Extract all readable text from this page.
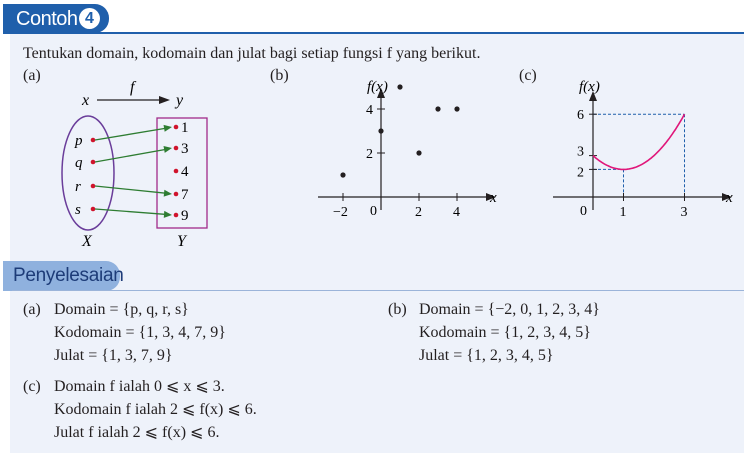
Contoh 4
Tentukan domain, kodomain dan julat bagi setiap fungsi f yang berikut.
(a)	(b)	(c)
f
x	y
p
q
r
s
1
3
4
7
9
X	Y
f(x)
x
0
−2	2 4
2
4
f(x)
x
0 1	3
2
3
6
Penyelesaian
(a) Domain = {p, q, r, s}
Kodomain = {1, 3, 4, 7, 9}
Julat = {1, 3, 7, 9}
(b) Domain = {−2, 0, 1, 2, 3, 4}
Kodomain = {1, 2, 3, 4, 5}
Julat = {1, 2, 3, 4, 5}
(c) Domain f ialah 0 ⩽ x ⩽ 3.
Kodomain f ialah 2 ⩽ f(x) ⩽ 6.
Julat f ialah 2 ⩽ f(x) ⩽ 6.
